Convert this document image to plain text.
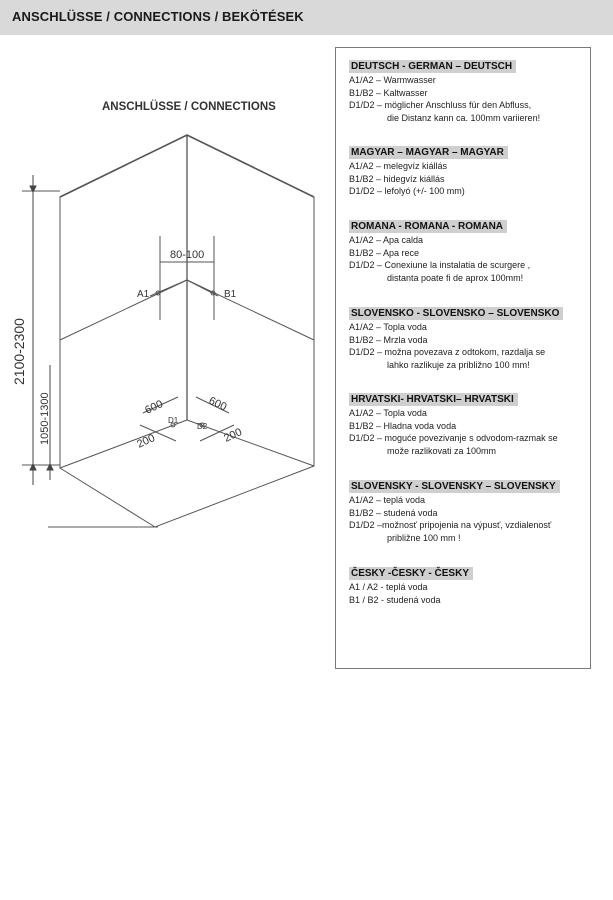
ANSCHLÜSSE / CONNECTIONS / BEKÖTÉSEK
ANSCHLÜSSE / CONNECTIONS
2100-2300
1050-1300
80-100
A1	B1
600	600
D1
D2
200	200
DEUTSCH - GERMAN – DEUTSCH
A1/A2 – Warmwasser
B1/B2 – Kaltwasser
D1/D2 – möglicher Anschluss für den Abfluss,
die Distanz kann ca. 100mm variieren!
MAGYAR – MAGYAR – MAGYAR
A1/A2 – melegvíz kiállás
B1/B2 – hidegvíz kiállás
D1/D2 – lefolyó (+/- 100 mm)
ROMANA - ROMANA - ROMANA
A1/A2 – Apa calda
B1/B2 – Apa rece
D1/D2 – Conexiune la instalatia de scurgere ,
distanta poate fi de aprox 100mm!
SLOVENSKO - SLOVENSKO – SLOVENSKO
A1/A2 – Topla voda
B1/B2 – Mrzla voda
D1/D2 – možna povezava z odtokom, razdalja se
lahko razlikuje za približno 100 mm!
HRVATSKI- HRVATSKI– HRVATSKI
A1/A2 – Topla voda
B1/B2 – Hladna voda voda
D1/D2 – moguće povezivanje s odvodom-razmak se
može razlikovati za 100mm
SLOVENSKY - SLOVENSKY – SLOVENSKY
A1/A2 – teplá voda
B1/B2 – studená voda
D1/D2 –možnosť pripojenia na výpusť, vzdialenosť
približne 100 mm !
ČESKY -ČESKY - ČESKY
A1 / A2 - teplá voda
B1 / B2 - studená voda
